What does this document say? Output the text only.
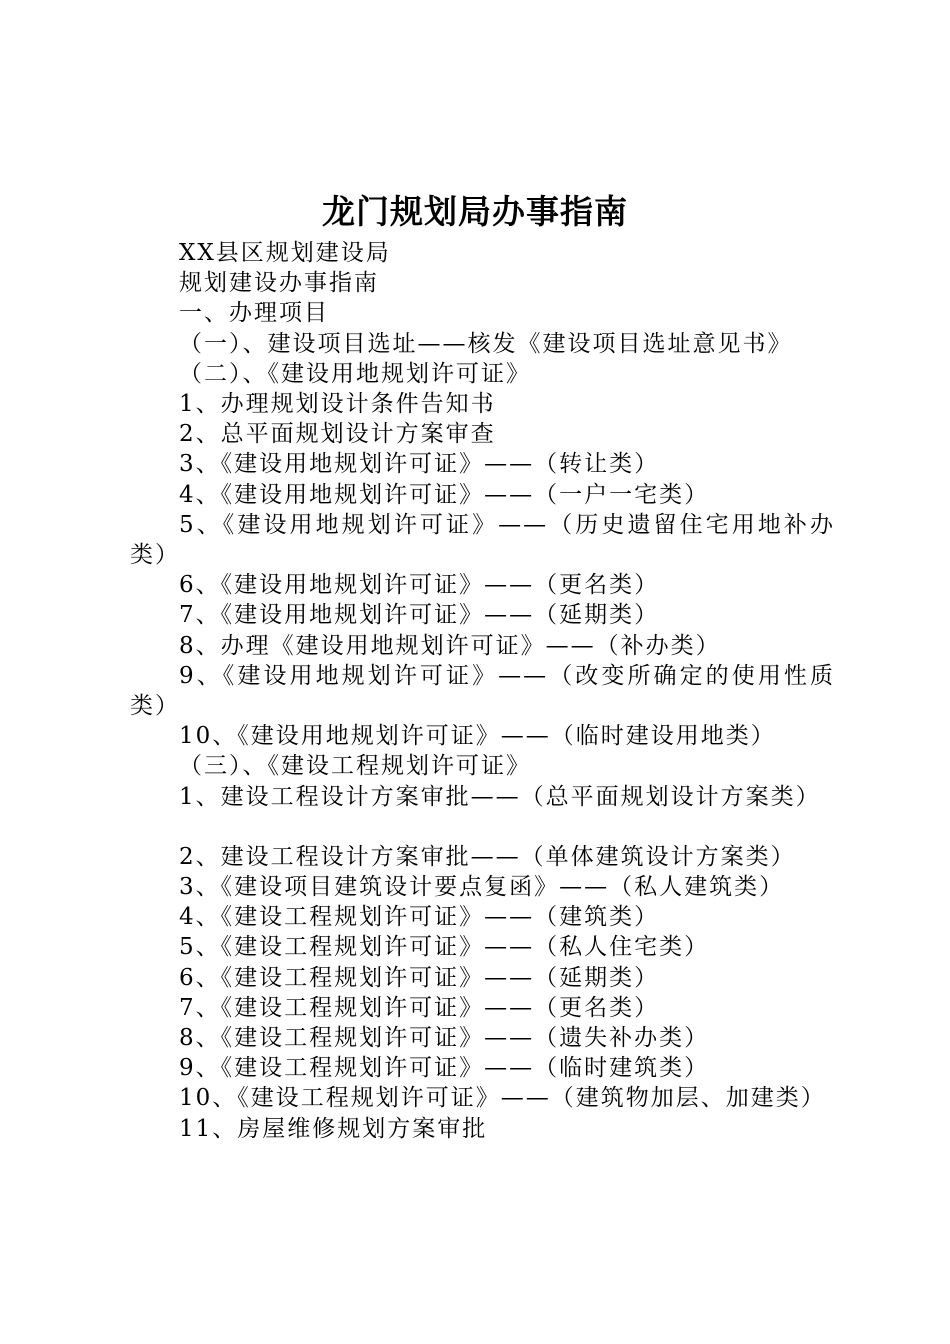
龙门规划局办事指南

XX县区规划建设局

规划建设办事指南

一、办理项目

（一）、建设项目选址——核发《建设项目选址意见书》

（二）、《建设用地规划许可证》

1、办理规划设计条件告知书

2、总平面规划设计方案审查

3、《建设用地规划许可证》——（转让类）

4、《建设用地规划许可证》——（一户一宅类）

5、《建设用地规划许可证》——（历史遗留住宅用地补办类）

6、《建设用地规划许可证》——（更名类）

7、《建设用地规划许可证》——（延期类）

8、办理《建设用地规划许可证》——（补办类）

9、《建设用地规划许可证》——（改变所确定的使用性质类）

10、《建设用地规划许可证》——（临时建设用地类）

（三）、《建设工程规划许可证》

1、建设工程设计方案审批——（总平面规划设计方案类）

2、建设工程设计方案审批——（单体建筑设计方案类）

3、《建设项目建筑设计要点复函》——（私人建筑类）

4、《建设工程规划许可证》——（建筑类）

5、《建设工程规划许可证》——（私人住宅类）

6、《建设工程规划许可证》——（延期类）

7、《建设工程规划许可证》——（更名类）

8、《建设工程规划许可证》——（遗失补办类）

9、《建设工程规划许可证》——（临时建筑类）

10、《建设工程规划许可证》——（建筑物加层、加建类）

11、房屋维修规划方案审批
